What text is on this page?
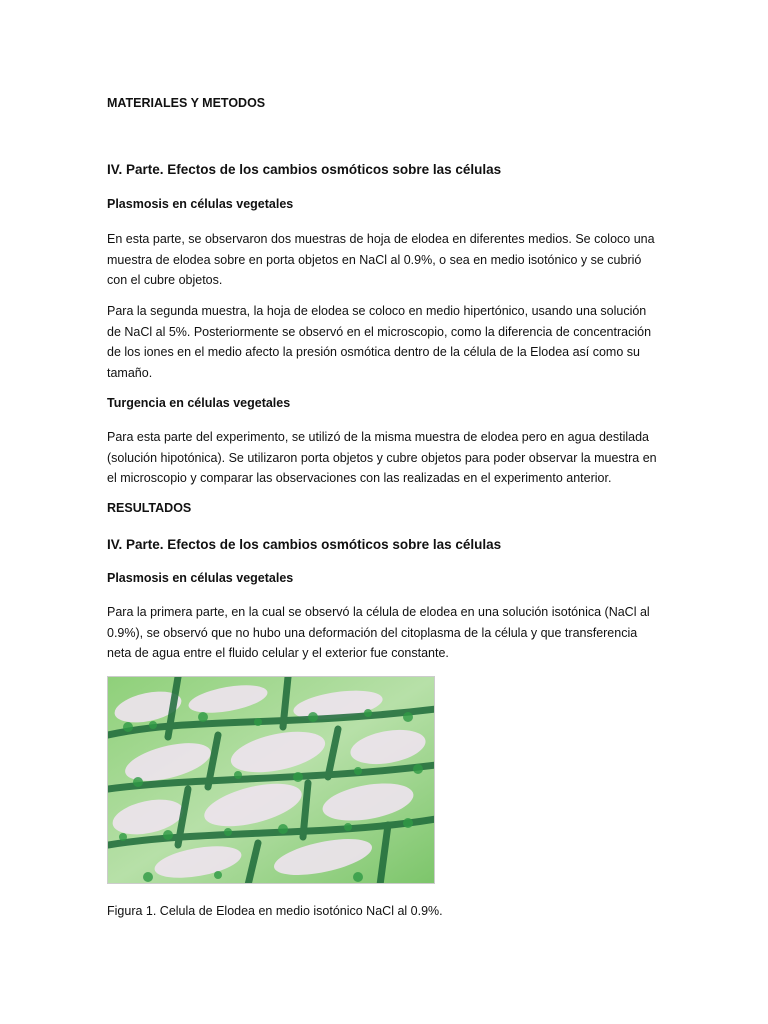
MATERIALES Y METODOS
IV. Parte. Efectos de los cambios osmóticos sobre las células
Plasmosis en células vegetales

En esta parte, se observaron dos muestras de hoja de elodea en diferentes medios. Se coloco una muestra de elodea sobre en porta objetos en NaCl al 0.9%, o sea en medio isotónico y se cubrió con el cubre objetos.

Para la segunda muestra, la hoja de elodea se coloco en medio hipertónico, usando una solución de NaCl al 5%. Posteriormente se observó en el microscopio, como la diferencia de concentración de los iones en el medio afecto la presión osmótica dentro de la célula de la Elodea así como su tamaño.

Turgencia en células vegetales

Para esta parte del experimento, se utilizó de la misma muestra de elodea pero en agua destilada (solución hipotónica). Se utilizaron porta objetos y cubre objetos para poder observar la muestra en el microscopio y comparar las observaciones con las realizadas en el experimento anterior.

RESULTADOS
IV. Parte. Efectos de los cambios osmóticos sobre las células
Plasmosis en células vegetales

Para la primera parte, en la cual se observó la célula de elodea en una solución isotónica (NaCl al 0.9%), se observó que no hubo una deformación del citoplasma de la célula y que transferencia neta de agua entre el fluido celular y el exterior fue constante.

Figura 1. Celula de Elodea en medio isotónico NaCl al 0.9%.
